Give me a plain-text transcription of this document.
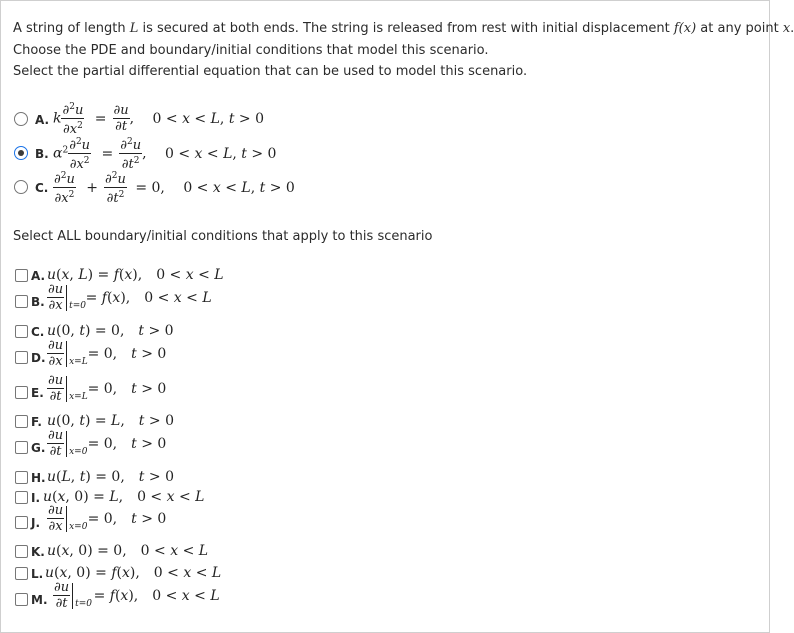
A string of length L is secured at both ends. The string is released from rest with initial displacement f(x) at any point x.
Choose the PDE and boundary/initial conditions that model this scenario.
Select the partial differential equation that can be used to model this scenario.
A. k $\frac{\partial^2u}{\partial x^2} = \frac{\partial u}{\partial t}$ , 0 < x < L, t > 0
B. $\alpha^2 \frac{\partial^2u}{\partial x^2} = \frac{\partial^2u}{\partial t^2}$ , 0 < x < L, t > 0
C. $\frac{\partial^2u}{\partial x^2} + \frac{\partial^2u}{\partial t^2} = 0$, 0 < x < L, t > 0
Select ALL boundary/initial conditions that apply to this scenario
A. u(x, L) = f(x), 0 < x < L
B. $\frac{\partial u}{\partial x} t=0 = f(x)$, 0 < x < L
C. u(0, t) = 0, t > 0
D. $\frac{\partial u}{\partial x} x=L = 0$, t > 0
E. $\frac{\partial u}{\partial t} x=L = 0$, t > 0
F. u(0, t) = L, t > 0
G. $\frac{\partial u}{\partial t} x=0 = 0$, t > 0
H. u(L, t) = 0, t > 0
I. u(x, 0) = L, 0 < x < L
J. $\frac{\partial u}{\partial x} x=0 = 0$, t > 0
K. u(x, 0) = 0, 0 < x < L
L. u(x, 0) = f(x), 0 < x < L
M. $\frac{\partial u}{\partial t} t=0 = f(x)$, 0 < x < L
